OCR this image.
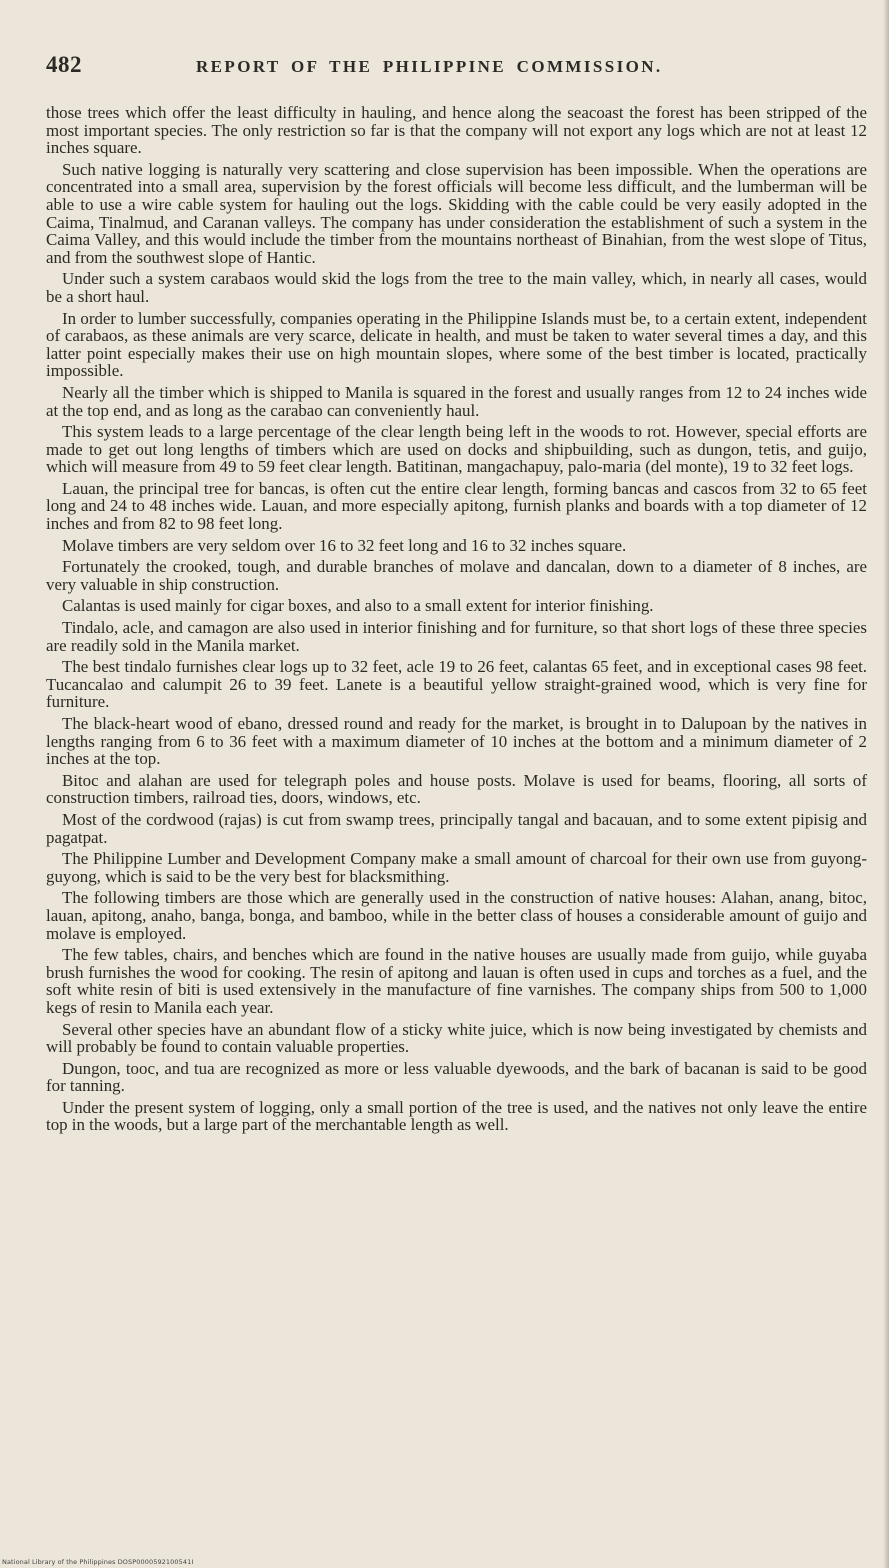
482	REPORT OF THE PHILIPPINE COMMISSION.

those trees which offer the least difficulty in hauling, and hence along the seacoast the forest has been stripped of the most important species. The only restriction so far is that the company will not export any logs which are not at least 12 inches square.

Such native logging is naturally very scattering and close supervision has been impossible. When the operations are concentrated into a small area, supervision by the forest officials will become less difficult, and the lumberman will be able to use a wire cable system for hauling out the logs. Skidding with the cable could be very easily adopted in the Caima, Tinalmud, and Caranan valleys. The company has under consideration the establishment of such a system in the Caima Valley, and this would include the timber from the mountains northeast of Binahian, from the west slope of Titus, and from the southwest slope of Hantic.

Under such a system carabaos would skid the logs from the tree to the main valley, which, in nearly all cases, would be a short haul.

In order to lumber successfully, companies operating in the Philippine Islands must be, to a certain extent, independent of carabaos, as these animals are very scarce, delicate in health, and must be taken to water several times a day, and this latter point especially makes their use on high mountain slopes, where some of the best timber is located, practically impossible.

Nearly all the timber which is shipped to Manila is squared in the forest and usually ranges from 12 to 24 inches wide at the top end, and as long as the carabao can conveniently haul.

This system leads to a large percentage of the clear length being left in the woods to rot. However, special efforts are made to get out long lengths of timbers which are used on docks and shipbuilding, such as dungon, tetis, and guijo, which will measure from 49 to 59 feet clear length. Batitinan, mangachapuy, palo-maria (del monte), 19 to 32 feet logs.

Lauan, the principal tree for bancas, is often cut the entire clear length, forming bancas and cascos from 32 to 65 feet long and 24 to 48 inches wide. Lauan, and more especially apitong, furnish planks and boards with a top diameter of 12 inches and from 82 to 98 feet long.

Molave timbers are very seldom over 16 to 32 feet long and 16 to 32 inches square.

Fortunately the crooked, tough, and durable branches of molave and dancalan, down to a diameter of 8 inches, are very valuable in ship construction.

Calantas is used mainly for cigar boxes, and also to a small extent for interior finishing.

Tindalo, acle, and camagon are also used in interior finishing and for furniture, so that short logs of these three species are readily sold in the Manila market.

The best tindalo furnishes clear logs up to 32 feet, acle 19 to 26 feet, calantas 65 feet, and in exceptional cases 98 feet. Tucancalao and calumpit 26 to 39 feet. Lanete is a beautiful yellow straight-grained wood, which is very fine for furniture.

The black-heart wood of ebano, dressed round and ready for the market, is brought in to Dalupoan by the natives in lengths ranging from 6 to 36 feet with a maximum diameter of 10 inches at the bottom and a minimum diameter of 2 inches at the top.

Bitoc and alahan are used for telegraph poles and house posts. Molave is used for beams, flooring, all sorts of construction timbers, railroad ties, doors, windows, etc.

Most of the cordwood (rajas) is cut from swamp trees, principally tangal and bacauan, and to some extent pipisig and pagatpat.

The Philippine Lumber and Development Company make a small amount of charcoal for their own use from guyong-guyong, which is said to be the very best for blacksmithing.

The following timbers are those which are generally used in the construction of native houses: Alahan, anang, bitoc, lauan, apitong, anaho, banga, bonga, and bamboo, while in the better class of houses a considerable amount of guijo and molave is employed.

The few tables, chairs, and benches which are found in the native houses are usually made from guijo, while guyaba brush furnishes the wood for cooking. The resin of apitong and lauan is often used in cups and torches as a fuel, and the soft white resin of biti is used extensively in the manufacture of fine varnishes. The company ships from 500 to 1,000 kegs of resin to Manila each year.

Several other species have an abundant flow of a sticky white juice, which is now being investigated by chemists and will probably be found to contain valuable properties.

Dungon, tooc, and tua are recognized as more or less valuable dyewoods, and the bark of bacanan is said to be good for tanning.

Under the present system of logging, only a small portion of the tree is used, and the natives not only leave the entire top in the woods, but a large part of the merchantable length as well.

National Library of the Philippines DOSP0000592100541I
